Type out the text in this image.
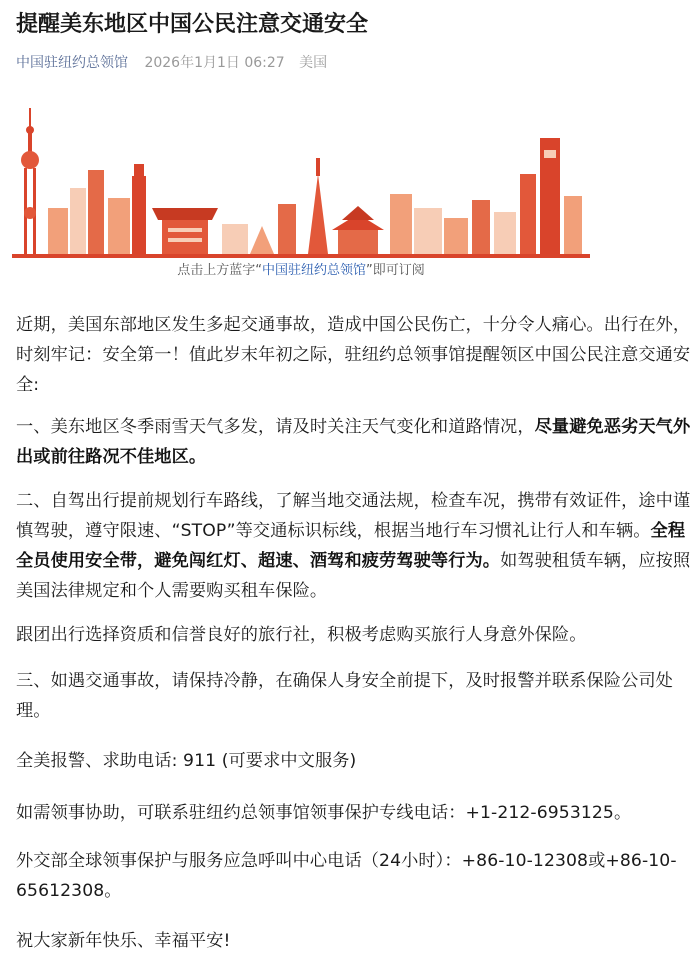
提醒美东地区中国公民注意交通安全
中国驻纽约总领馆 2026年1月1日 06:27 美国
点击上方蓝字“中国驻纽约总领馆”即可订阅
近期，美国东部地区发生多起交通事故，造成中国公民伤亡，十分令人痛心。出行在外，时刻牢记：安全第一！值此岁末年初之际，驻纽约总领事馆提醒领区中国公民注意交通安全:
一、美东地区冬季雨雪天气多发，请及时关注天气变化和道路情况，尽量避免恶劣天气外出或前往路况不佳地区。
二、自驾出行提前规划行车路线，了解当地交通法规，检查车况，携带有效证件，途中谨慎驾驶，遵守限速、“STOP”等交通标识标线，根据当地行车习惯礼让行人和车辆。全程全员使用安全带，避免闯红灯、超速、酒驾和疲劳驾驶等行为。如驾驶租赁车辆，应按照美国法律规定和个人需要购买租车保险。
跟团出行选择资质和信誉良好的旅行社，积极考虑购买旅行人身意外保险。
三、如遇交通事故，请保持冷静，在确保人身安全前提下，及时报警并联系保险公司处理。
全美报警、求助电话: 911 (可要求中文服务)
如需领事协助，可联系驻纽约总领事馆领事保护专线电话：+1-212-6953125。
外交部全球领事保护与服务应急呼叫中心电话（24小时）：+86-10-12308或+86-10-65612308。
祝大家新年快乐、幸福平安!
